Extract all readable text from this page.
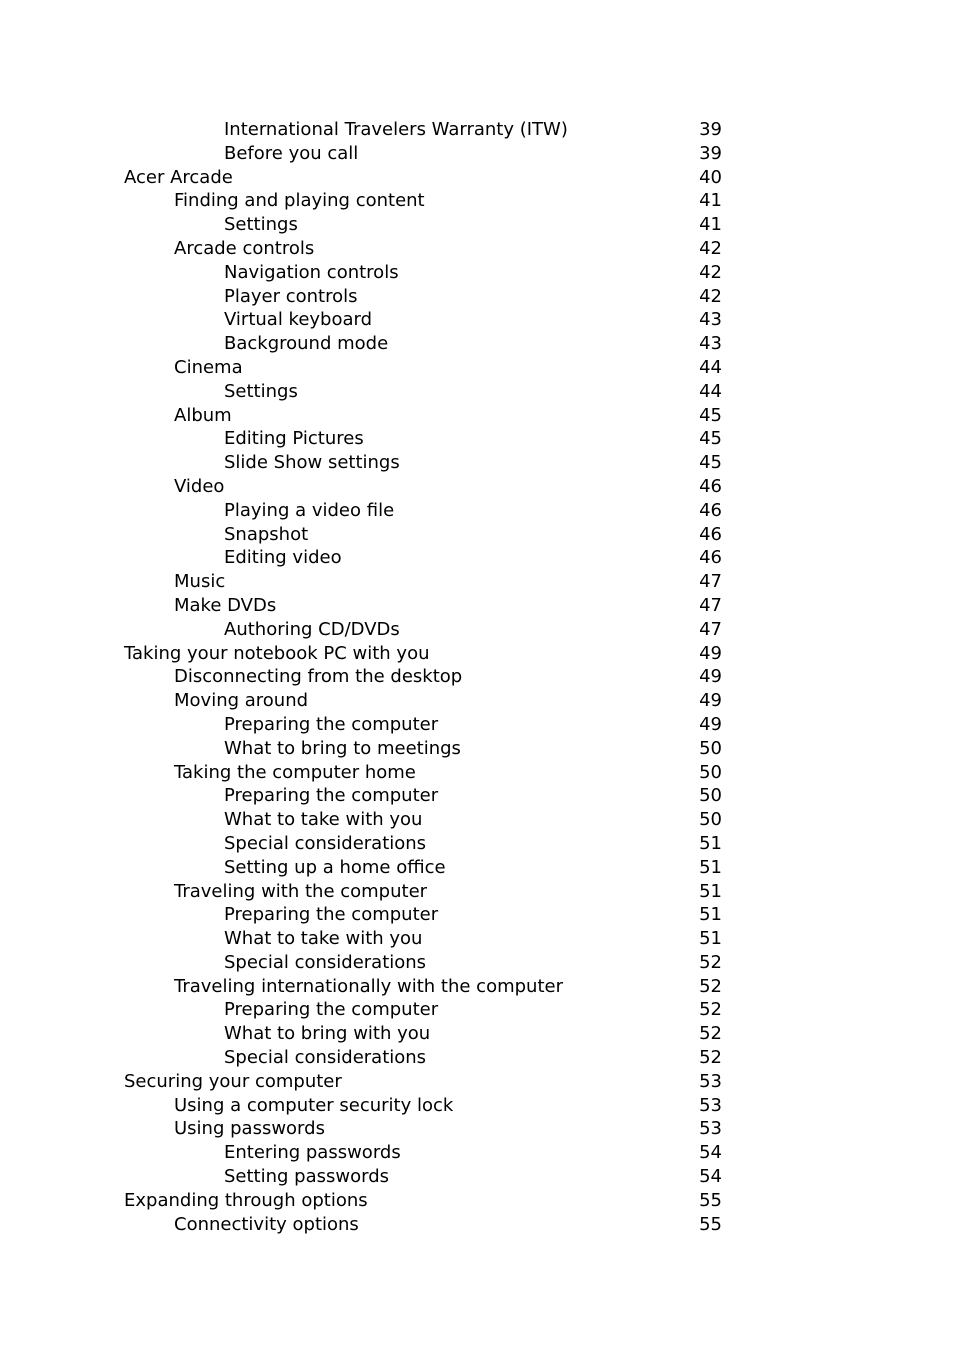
International Travelers Warranty (ITW)	39
Before you call	39
Acer Arcade	40
Finding and playing content	41
Settings	41
Arcade controls	42
Navigation controls	42
Player controls	42
Virtual keyboard	43
Background mode	43
Cinema	44
Settings	44
Album	45
Editing Pictures	45
Slide Show settings	45
Video	46
Playing a video file	46
Snapshot	46
Editing video	46
Music	47
Make DVDs	47
Authoring CD/DVDs	47
Taking your notebook PC with you	49
Disconnecting from the desktop	49
Moving around	49
Preparing the computer	49
What to bring to meetings	50
Taking the computer home	50
Preparing the computer	50
What to take with you	50
Special considerations	51
Setting up a home office	51
Traveling with the computer	51
Preparing the computer	51
What to take with you	51
Special considerations	52
Traveling internationally with the computer	52
Preparing the computer	52
What to bring with you	52
Special considerations	52
Securing your computer	53
Using a computer security lock	53
Using passwords	53
Entering passwords	54
Setting passwords	54
Expanding through options	55
Connectivity options	55
